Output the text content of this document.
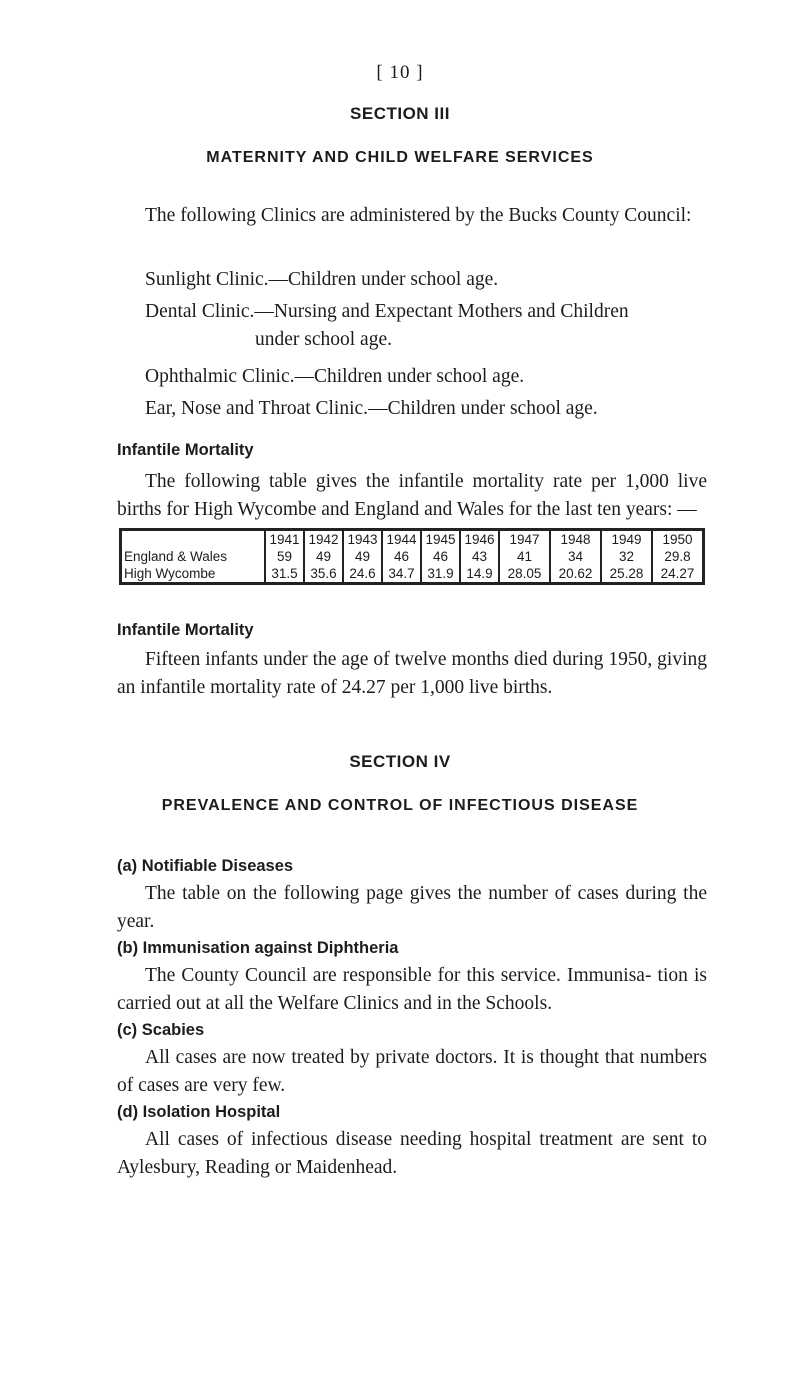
[ 10 ]
SECTION III
MATERNITY AND CHILD WELFARE SERVICES
The following Clinics are administered by the Bucks County Council:
Sunlight Clinic.—Children under school age.
Dental Clinic.—Nursing and Expectant Mothers and Children
under school age.
Ophthalmic Clinic.—Children under school age.
Ear, Nose and Throat Clinic.—Children under school age.
Infantile Mortality
The following table gives the infantile mortality rate per 1,000 live births for High Wycombe and England and Wales for the last ten years: —
	1941	1942	1943	1944	1945	1946	1947	1948	1949	1950
England & Wales	59	49	49	46	46	43	41	34	32	29.8
High Wycombe	31.5	35.6	24.6	34.7	31.9	14.9	28.05	20.62	25.28	24.27
Infantile Mortality
Fifteen infants under the age of twelve months died during 1950, giving an infantile mortality rate of 24.27 per 1,000 live births.
SECTION IV
PREVALENCE AND CONTROL OF INFECTIOUS DISEASE
(a) Notifiable Diseases
The table on the following page gives the number of cases during the year.
(b) Immunisation against Diphtheria
The County Council are responsible for this service. Immunisa- tion is carried out at all the Welfare Clinics and in the Schools.
(c) Scabies
All cases are now treated by private doctors. It is thought that numbers of cases are very few.
(d) Isolation Hospital
All cases of infectious disease needing hospital treatment are sent to Aylesbury, Reading or Maidenhead.
